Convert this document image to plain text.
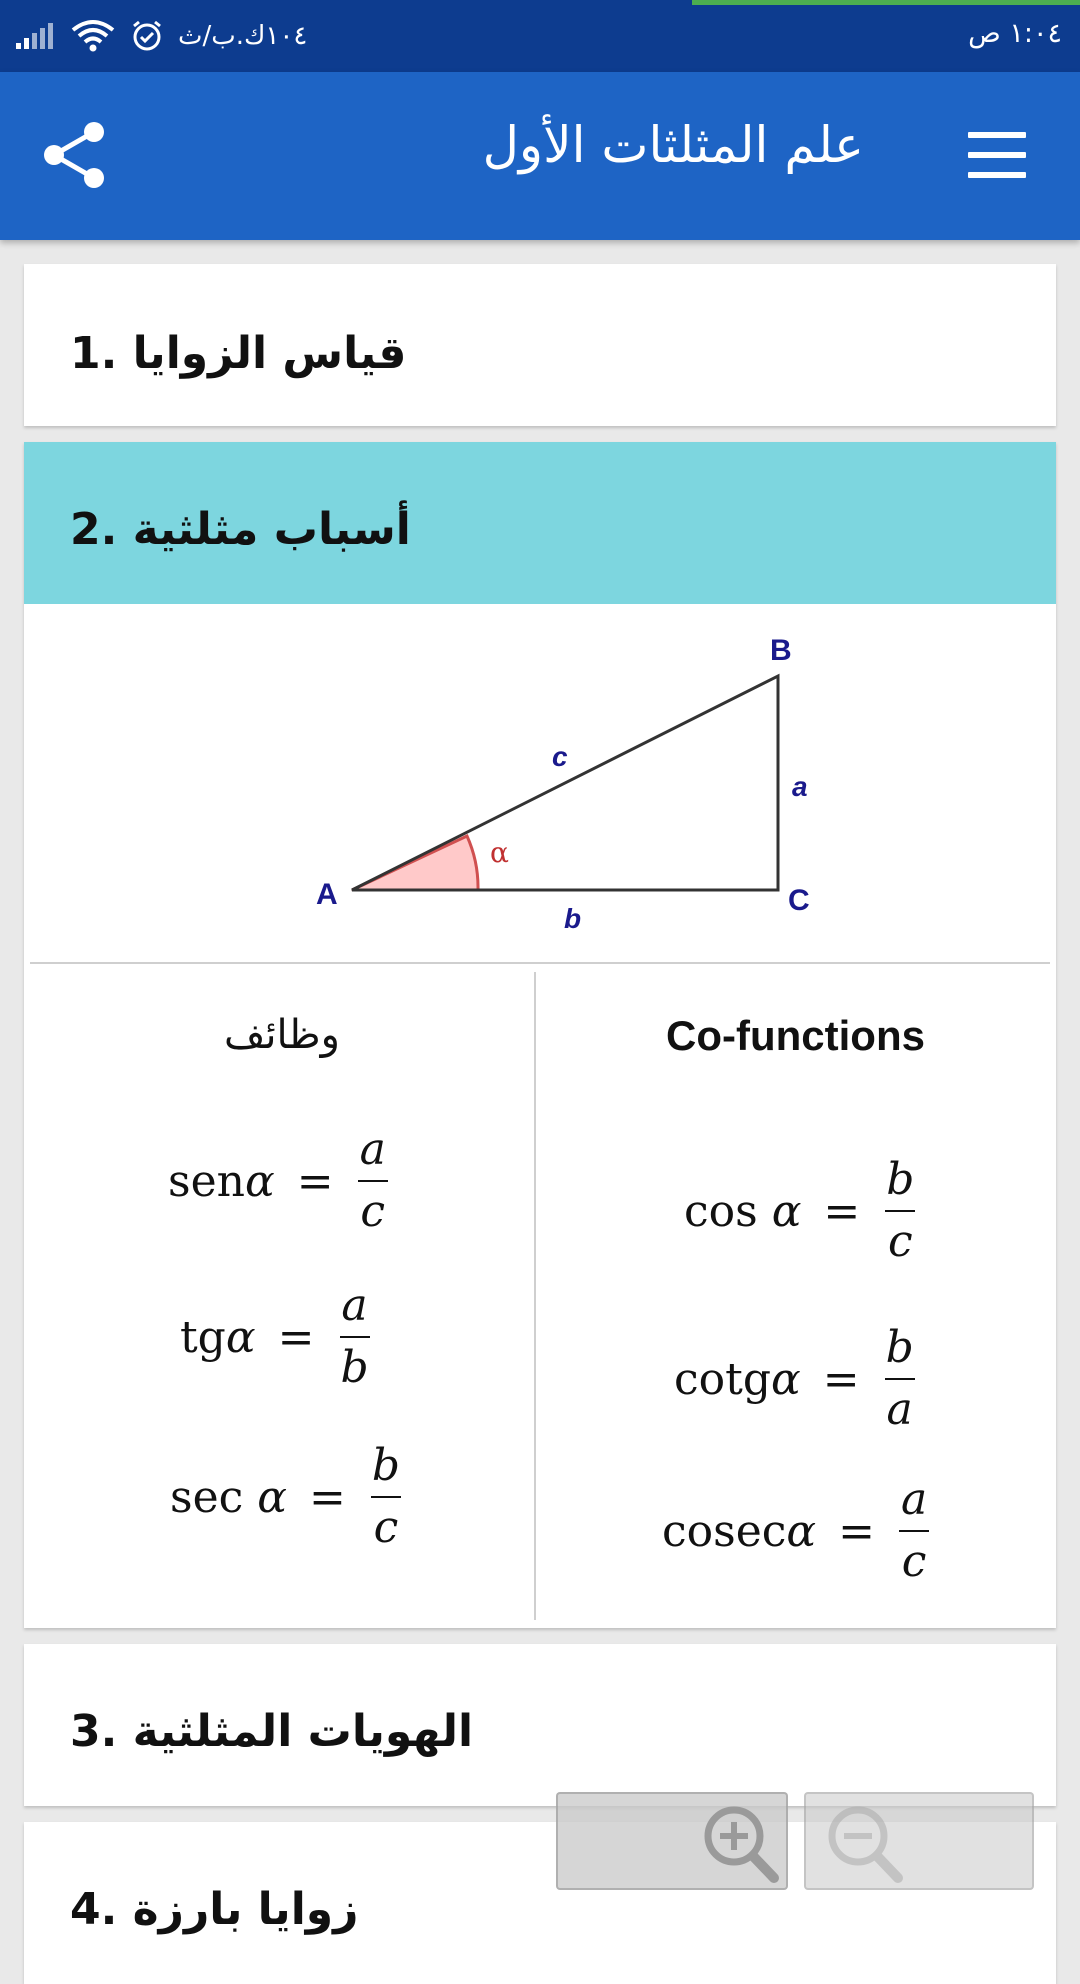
١٠٤ك.ب/ث	١:٠٤ ص
علم المثلثات الأول
قياس الزوايا .1
أسباب مثلثية .2
A
B
C
a
b
c
α
وظائف	Co-functions
$sen\alpha = \frac{a}{c}$
$tg\alpha = \frac{a}{b}$
$\sec \alpha = \frac{b}{c}$
$\cos \alpha = \frac{b}{c}$
$\cot g\alpha = \frac{b}{a}$
$cosec\alpha = \frac{a}{c}$
الهويات المثلثية .3
زوايا بارزة .4
